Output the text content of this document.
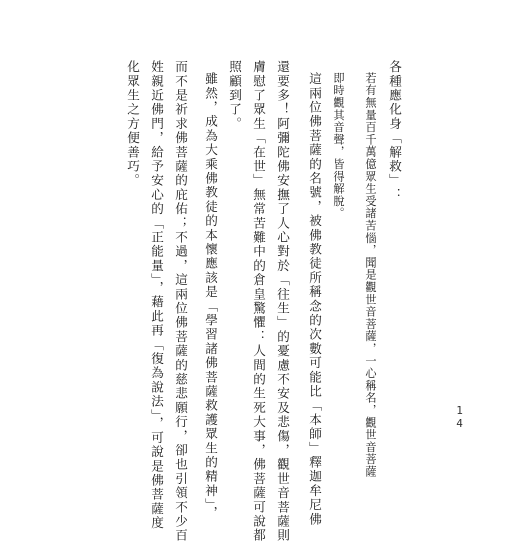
各種應化身「解救」：
若有無量百千萬億眾生受諸苦惱，聞是觀世音菩薩，一心稱名，觀世音菩薩
即時觀其音聲，皆得解脫。
這兩位佛菩薩的名號，被佛教徒所稱念的次數可能比「本師」釋迦牟尼佛
還要多！阿彌陀佛安撫了人心對於「往生」的憂慮不安及悲傷，觀世音菩薩則
膚慰了眾生「在世」無常苦難中的倉皇驚懼：人間的生死大事，佛菩薩可說都
照顧到了。
雖然，成為大乘佛教徒的本懷應該是「學習諸佛菩薩救護眾生的精神」，
而不是祈求佛菩薩的庇佑；不過，這兩位佛菩薩的慈悲願行，卻也引領不少百
姓親近佛門，給予安心的「正能量」，藉此再「復為說法」，可說是佛菩薩度
化眾生之方便善巧。
14
